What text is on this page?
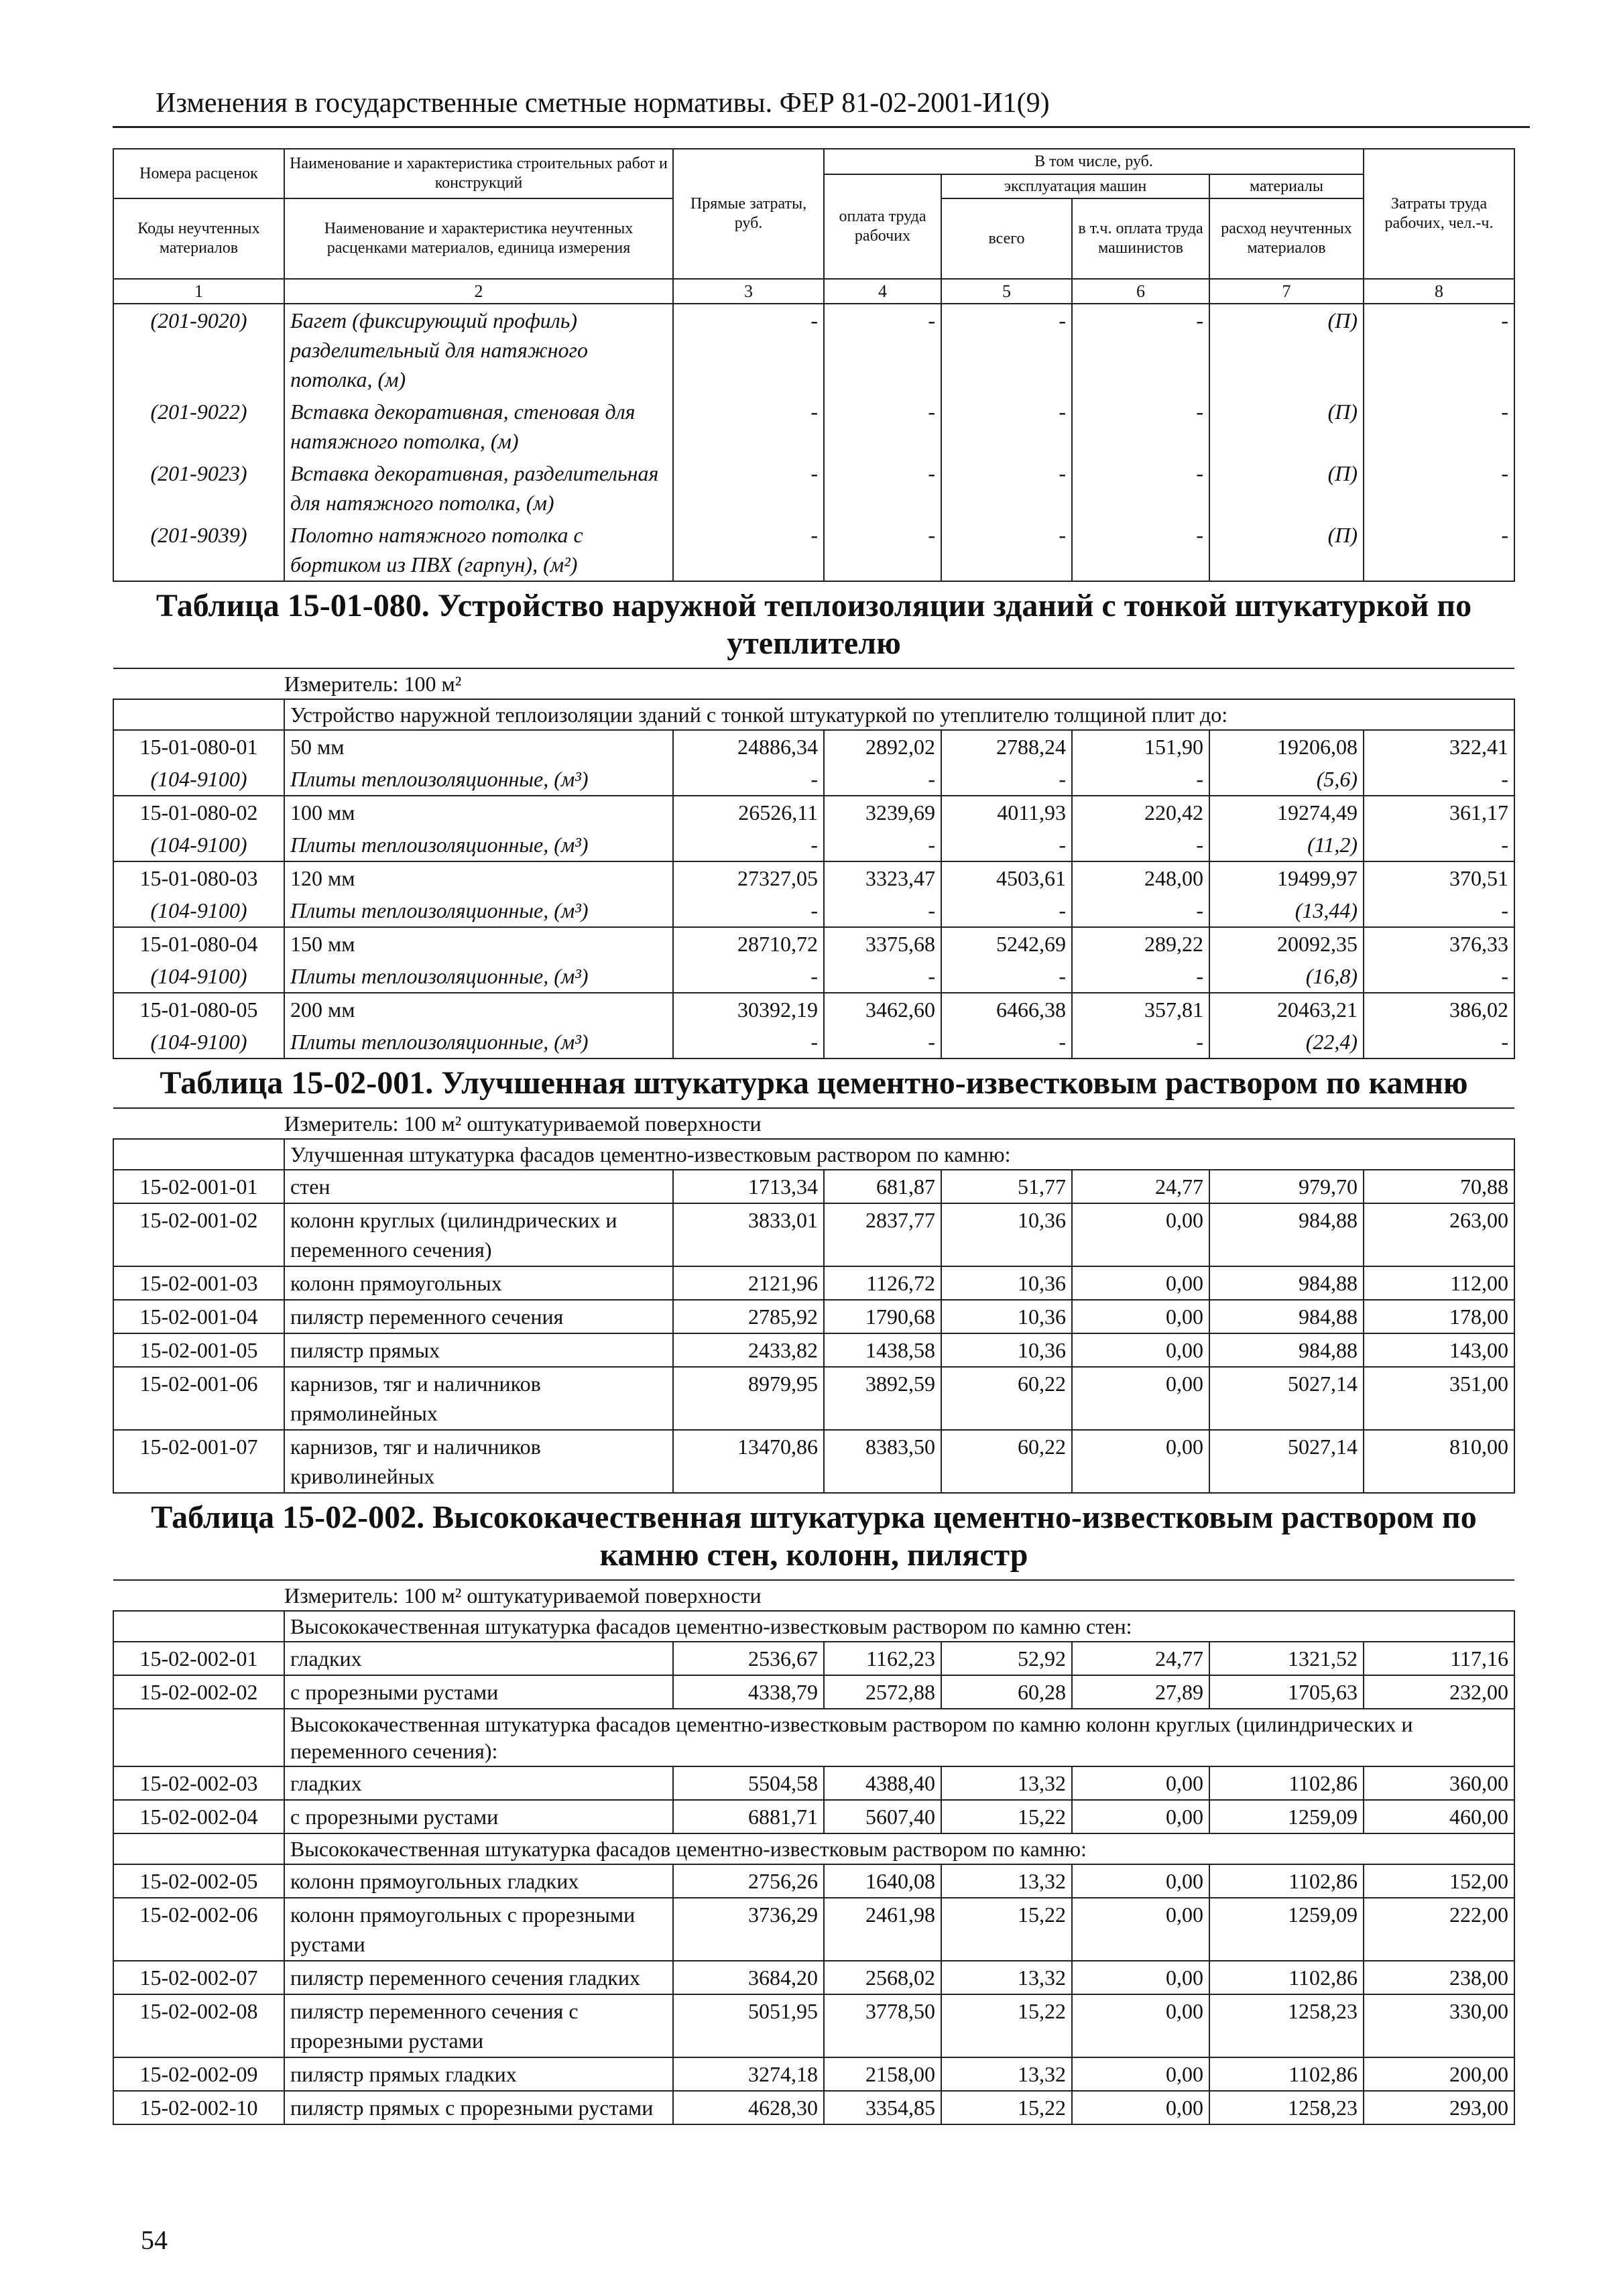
Изменения в государственные сметные нормативы. ФЕР 81-02-2001-И1(9)
Номера расценок	Наименование и характеристика строительных работ и конструкций	Прямые затраты, руб.	В том числе, руб.				Затраты труда рабочих, чел.-ч.
			оплата труда рабочих	эксплуатация машин		материалы	
Коды неучтенных материалов	Наименование и характеристика неучтенных расценками материалов, единица измерения			всего	в т.ч. оплата труда машинистов	расход неучтенных материалов	

1	2	3	4	5	6	7	8
(201-9020)	Багет (фиксирующий профиль) разделительный для натяжного потолка, (м)	-	-	-	-	(П)	-
(201-9022)	Вставка декоративная, стеновая для натяжного потолка, (м)	-	-	-	-	(П)	-
(201-9023)	Вставка декоративная, разделительная для натяжного потолка, (м)	-	-	-	-	(П)	-
(201-9039)	Полотно натяжного потолка с бортиком из ПВХ (гарпун), (м²)	-	-	-	-	(П)	-
Таблица 15-01-080. Устройство наружной теплоизоляции зданий с тонкой штукатуркой по утеплителю							
Измеритель: 100 м²							
	Устройство наружной теплоизоляции зданий с тонкой штукатуркой по утеплителю толщиной плит до:						
15-01-080-01	50 мм	24886,34	2892,02	2788,24	151,90	19206,08	322,41
(104-9100)	Плиты теплоизоляционные, (м³)	-	-	-	-	(5,6)	-
15-01-080-02	100 мм	26526,11	3239,69	4011,93	220,42	19274,49	361,17
(104-9100)	Плиты теплоизоляционные, (м³)	-	-	-	-	(11,2)	-
15-01-080-03	120 мм	27327,05	3323,47	4503,61	248,00	19499,97	370,51
(104-9100)	Плиты теплоизоляционные, (м³)	-	-	-	-	(13,44)	-
15-01-080-04	150 мм	28710,72	3375,68	5242,69	289,22	20092,35	376,33
(104-9100)	Плиты теплоизоляционные, (м³)	-	-	-	-	(16,8)	-
15-01-080-05	200 мм	30392,19	3462,60	6466,38	357,81	20463,21	386,02
(104-9100)	Плиты теплоизоляционные, (м³)	-	-	-	-	(22,4)	-
Таблица 15-02-001. Улучшенная штукатурка цементно-известковым раствором по камню							
Измеритель: 100 м² оштукатуриваемой поверхности							
	Улучшенная штукатурка фасадов цементно-известковым раствором по камню:						
15-02-001-01	стен	1713,34	681,87	51,77	24,77	979,70	70,88
15-02-001-02	колонн круглых (цилиндрических и переменного сечения)	3833,01	2837,77	10,36	0,00	984,88	263,00
15-02-001-03	колонн прямоугольных	2121,96	1126,72	10,36	0,00	984,88	112,00
15-02-001-04	пилястр переменного сечения	2785,92	1790,68	10,36	0,00	984,88	178,00
15-02-001-05	пилястр прямых	2433,82	1438,58	10,36	0,00	984,88	143,00
15-02-001-06	карнизов, тяг и наличников прямолинейных	8979,95	3892,59	60,22	0,00	5027,14	351,00
15-02-001-07	карнизов, тяг и наличников криволинейных	13470,86	8383,50	60,22	0,00	5027,14	810,00
Таблица 15-02-002. Высококачественная штукатурка цементно-известковым раствором по камню стен, колонн, пилястр							
Измеритель: 100 м² оштукатуриваемой поверхности							
	Высококачественная штукатурка фасадов цементно-известковым раствором по камню стен:						
15-02-002-01	гладких	2536,67	1162,23	52,92	24,77	1321,52	117,16
15-02-002-02	с прорезными рустами	4338,79	2572,88	60,28	27,89	1705,63	232,00
	Высококачественная штукатурка фасадов цементно-известковым раствором по камню колонн круглых (цилиндрических и переменного сечения):						
15-02-002-03	гладких	5504,58	4388,40	13,32	0,00	1102,86	360,00
15-02-002-04	с прорезными рустами	6881,71	5607,40	15,22	0,00	1259,09	460,00
	Высококачественная штукатурка фасадов цементно-известковым раствором по камню:						
15-02-002-05	колонн прямоугольных гладких	2756,26	1640,08	13,32	0,00	1102,86	152,00
15-02-002-06	колонн прямоугольных с прорезными рустами	3736,29	2461,98	15,22	0,00	1259,09	222,00
15-02-002-07	пилястр переменного сечения гладких	3684,20	2568,02	13,32	0,00	1102,86	238,00
15-02-002-08	пилястр переменного сечения с прорезными рустами	5051,95	3778,50	15,22	0,00	1258,23	330,00
15-02-002-09	пилястр прямых гладких	3274,18	2158,00	13,32	0,00	1102,86	200,00
15-02-002-10	пилястр прямых с прорезными рустами	4628,30	3354,85	15,22	0,00	1258,23	293,00
54
